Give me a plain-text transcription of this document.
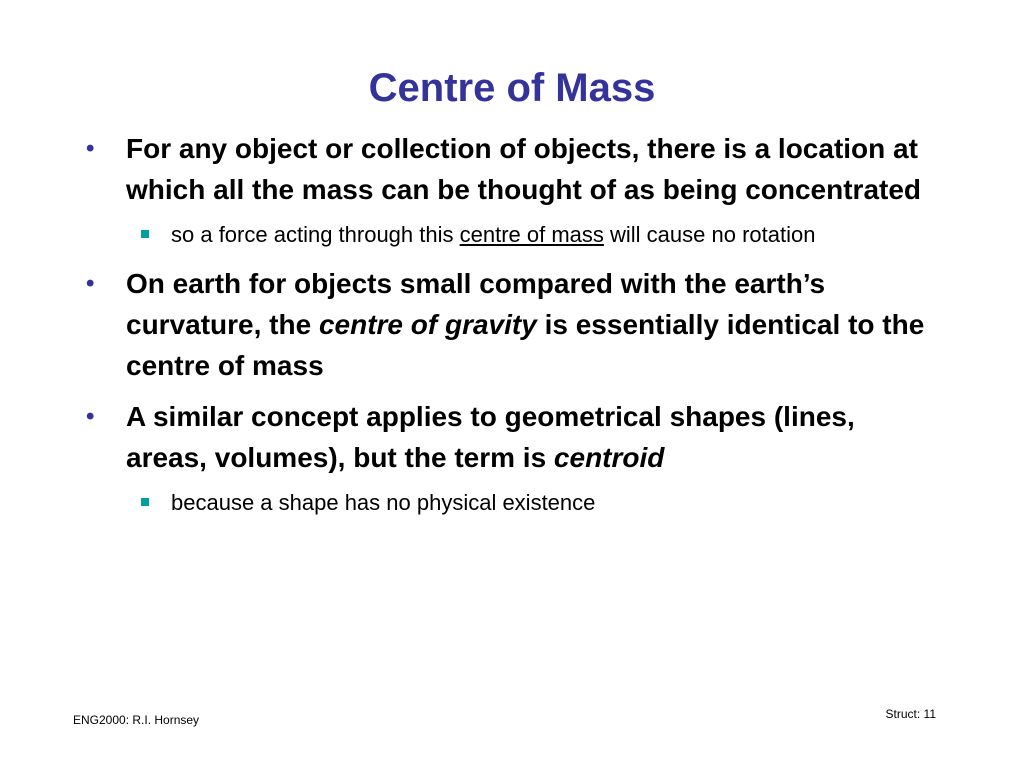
Centre of Mass
•	For any object or collection of objects, there is a location at which all the mass can be thought of as being concentrated
so a force acting through this centre of mass will cause no rotation
•	On earth for objects small compared with the earth’s curvature, the centre of gravity is essentially identical to the centre of mass
•	A similar concept applies to geometrical shapes (lines, areas, volumes), but the term is centroid
because a shape has no physical existence
ENG2000: R.I. Hornsey	Struct: 11
